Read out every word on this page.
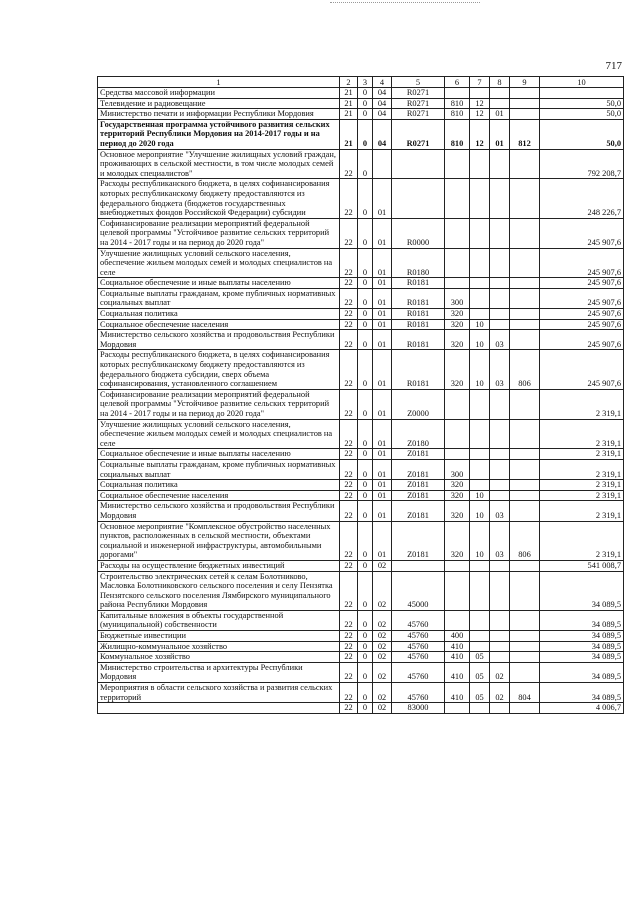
717
1	2	3	4	5	6	7	8	9	10
Средства массовой информации	21	0	04	R0271					
Телевидение и радиовещание	21	0	04	R0271	810	12			50,0
Министерство печати и информации Республики Мордовия	21	0	04	R0271	810	12	01		50,0
Государственная программа устойчивого развития сельских территорий Республики Мордовия на 2014-2017 годы и на период до 2020 года	21	0	04	R0271	810	12	01	812	50,0
Основное мероприятие "Улучшение жилищных условий граждан, проживающих в сельской местности, в том числе молодых семей и молодых специалистов"	22	0							792 208,7
Расходы республиканского бюджета, в целях софинансирования которых республиканскому бюджету предоставляются из федерального бюджета (бюджетов государственных внебюджетных фондов Российской Федерации) субсидии	22	0	01						248 226,7
Софинансирование реализации мероприятий федеральной целевой программы "Устойчивое развитие сельских территорий на 2014 - 2017 годы и на период до 2020 года"	22	0	01	R0000					245 907,6
Улучшение жилищных условий сельского населения, обеспечение жильем молодых семей и молодых специалистов на селе	22	0	01	R0180					245 907,6
Социальное обеспечение и иные выплаты населению	22	0	01	R0181					245 907,6
Социальные выплаты гражданам, кроме публичных нормативных социальных выплат	22	0	01	R0181	300				245 907,6
Социальная политика	22	0	01	R0181	320				245 907,6
Социальное обеспечение населения	22	0	01	R0181	320	10			245 907,6
Министерство сельского хозяйства и продовольствия Республики Мордовия	22	0	01	R0181	320	10	03		245 907,6
Расходы республиканского бюджета, в целях софинансирования которых республиканскому бюджету предоставляются из федерального бюджета субсидии, сверх объема софинансирования, установленного соглашением	22	0	01	R0181	320	10	03	806	245 907,6
Софинансирование реализации мероприятий федеральной целевой программы "Устойчивое развитие сельских территорий на 2014 - 2017 годы и на период до 2020 года"	22	0	01	Z0000					2 319,1
Улучшение жилищных условий сельского населения, обеспечение жильем молодых семей и молодых специалистов на селе	22	0	01	Z0180					2 319,1
Социальное обеспечение и иные выплаты населению	22	0	01	Z0181					2 319,1
Социальные выплаты гражданам, кроме публичных нормативных социальных выплат	22	0	01	Z0181	300				2 319,1
Социальная политика	22	0	01	Z0181	320				2 319,1
Социальное обеспечение населения	22	0	01	Z0181	320	10			2 319,1
Министерство сельского хозяйства и продовольствия Республики Мордовия	22	0	01	Z0181	320	10	03		2 319,1
Основное мероприятие "Комплексное обустройство населенных пунктов, расположенных в сельской местности, объектами социальной и инженерной инфраструктуры, автомобильными дорогами"	22	0	01	Z0181	320	10	03	806	2 319,1
Расходы на осуществление бюджетных инвестиций	22	0	02						541 008,7
Строительство электрических сетей к селам Болотниково, Масловка Болотниковского сельского поселения и селу Пензятка Пензятского сельского поселения Лямбирского муниципального района Республики Мордовия	22	0	02	45000					34 089,5
Капитальные вложения в объекты государственной (муниципальной) собственности	22	0	02	45760					34 089,5
Бюджетные инвестиции	22	0	02	45760	400				34 089,5
Жилищно-коммунальное хозяйство	22	0	02	45760	410				34 089,5
Коммунальное хозяйство	22	0	02	45760	410	05			34 089,5
Министерство строительства и архитектуры Республики Мордовия	22	0	02	45760	410	05	02		34 089,5
Мероприятия в области сельского хозяйства и развития сельских территорий	22	0	02	45760	410	05	02	804	34 089,5
	22	0	02	83000					4 006,7
